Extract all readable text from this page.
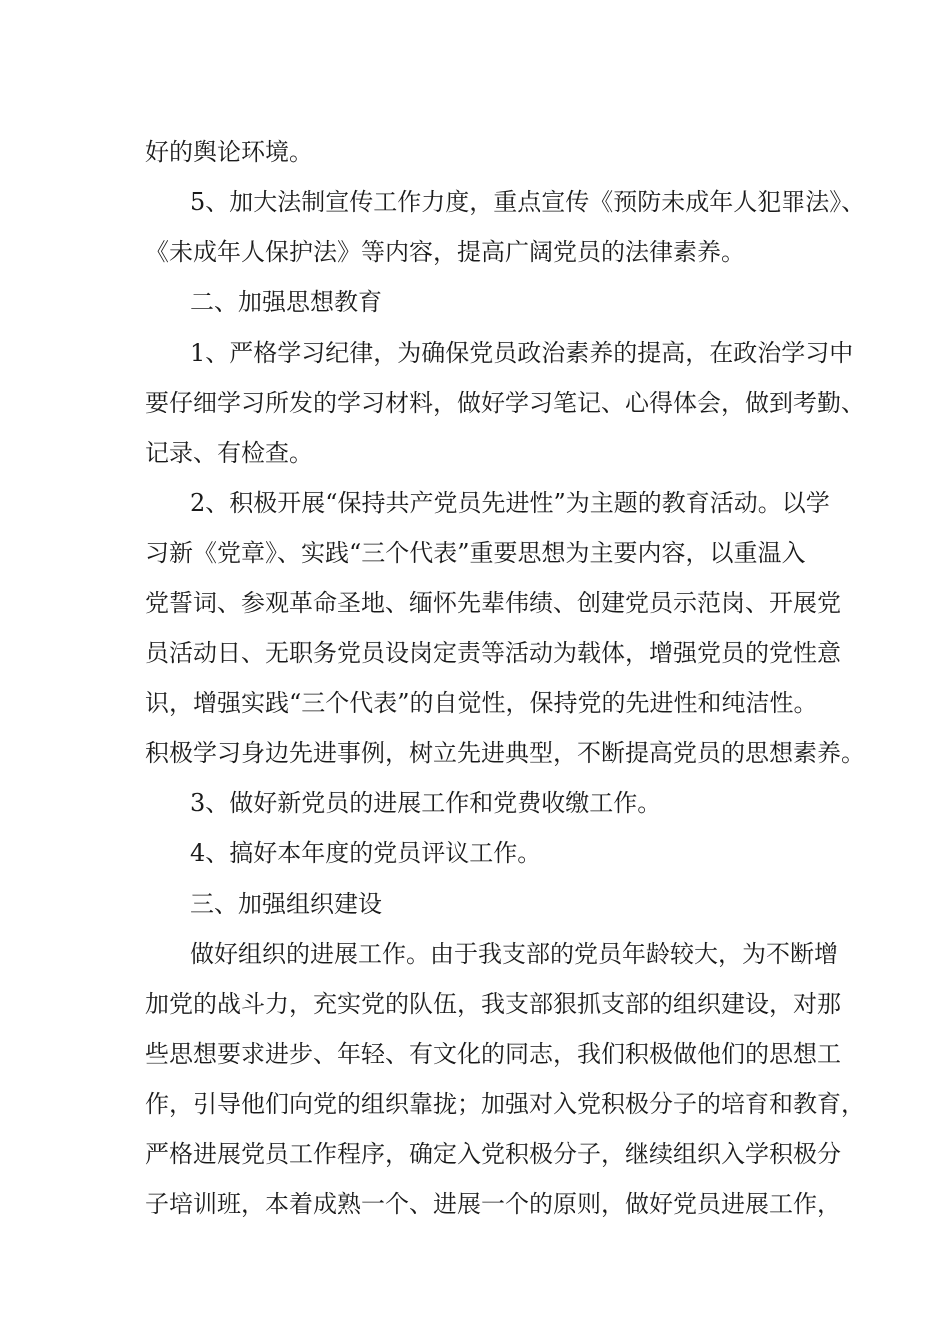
好的舆论环境。

5、加大法制宣传工作力度，重点宣传《预防未成年人犯罪法》、

《未成年人保护法》等内容，提高广阔党员的法律素养。

二、加强思想教育

1、严格学习纪律，为确保党员政治素养的提高，在政治学习中

要仔细学习所发的学习材料，做好学习笔记、心得体会，做到考勤、

记录、有检查。

2、积极开展“保持共产党员先进性”为主题的教育活动。以学

习新《党章》、实践“三个代表”重要思想为主要内容，以重温入

党誓词、参观革命圣地、缅怀先辈伟绩、创建党员示范岗、开展党

员活动日、无职务党员设岗定责等活动为载体，增强党员的党性意

识，增强实践“三个代表”的自觉性，保持党的先进性和纯洁性。

积极学习身边先进事例，树立先进典型，不断提高党员的思想素养。

3、做好新党员的进展工作和党费收缴工作。

4、搞好本年度的党员评议工作。

三、加强组织建设

做好组织的进展工作。由于我支部的党员年龄较大，为不断增

加党的战斗力，充实党的队伍，我支部狠抓支部的组织建设，对那

些思想要求进步、年轻、有文化的同志，我们积极做他们的思想工

作，引导他们向党的组织靠拢；加强对入党积极分子的培育和教育，

严格进展党员工作程序，确定入党积极分子，继续组织入学积极分

子培训班，本着成熟一个、进展一个的原则，做好党员进展工作，
